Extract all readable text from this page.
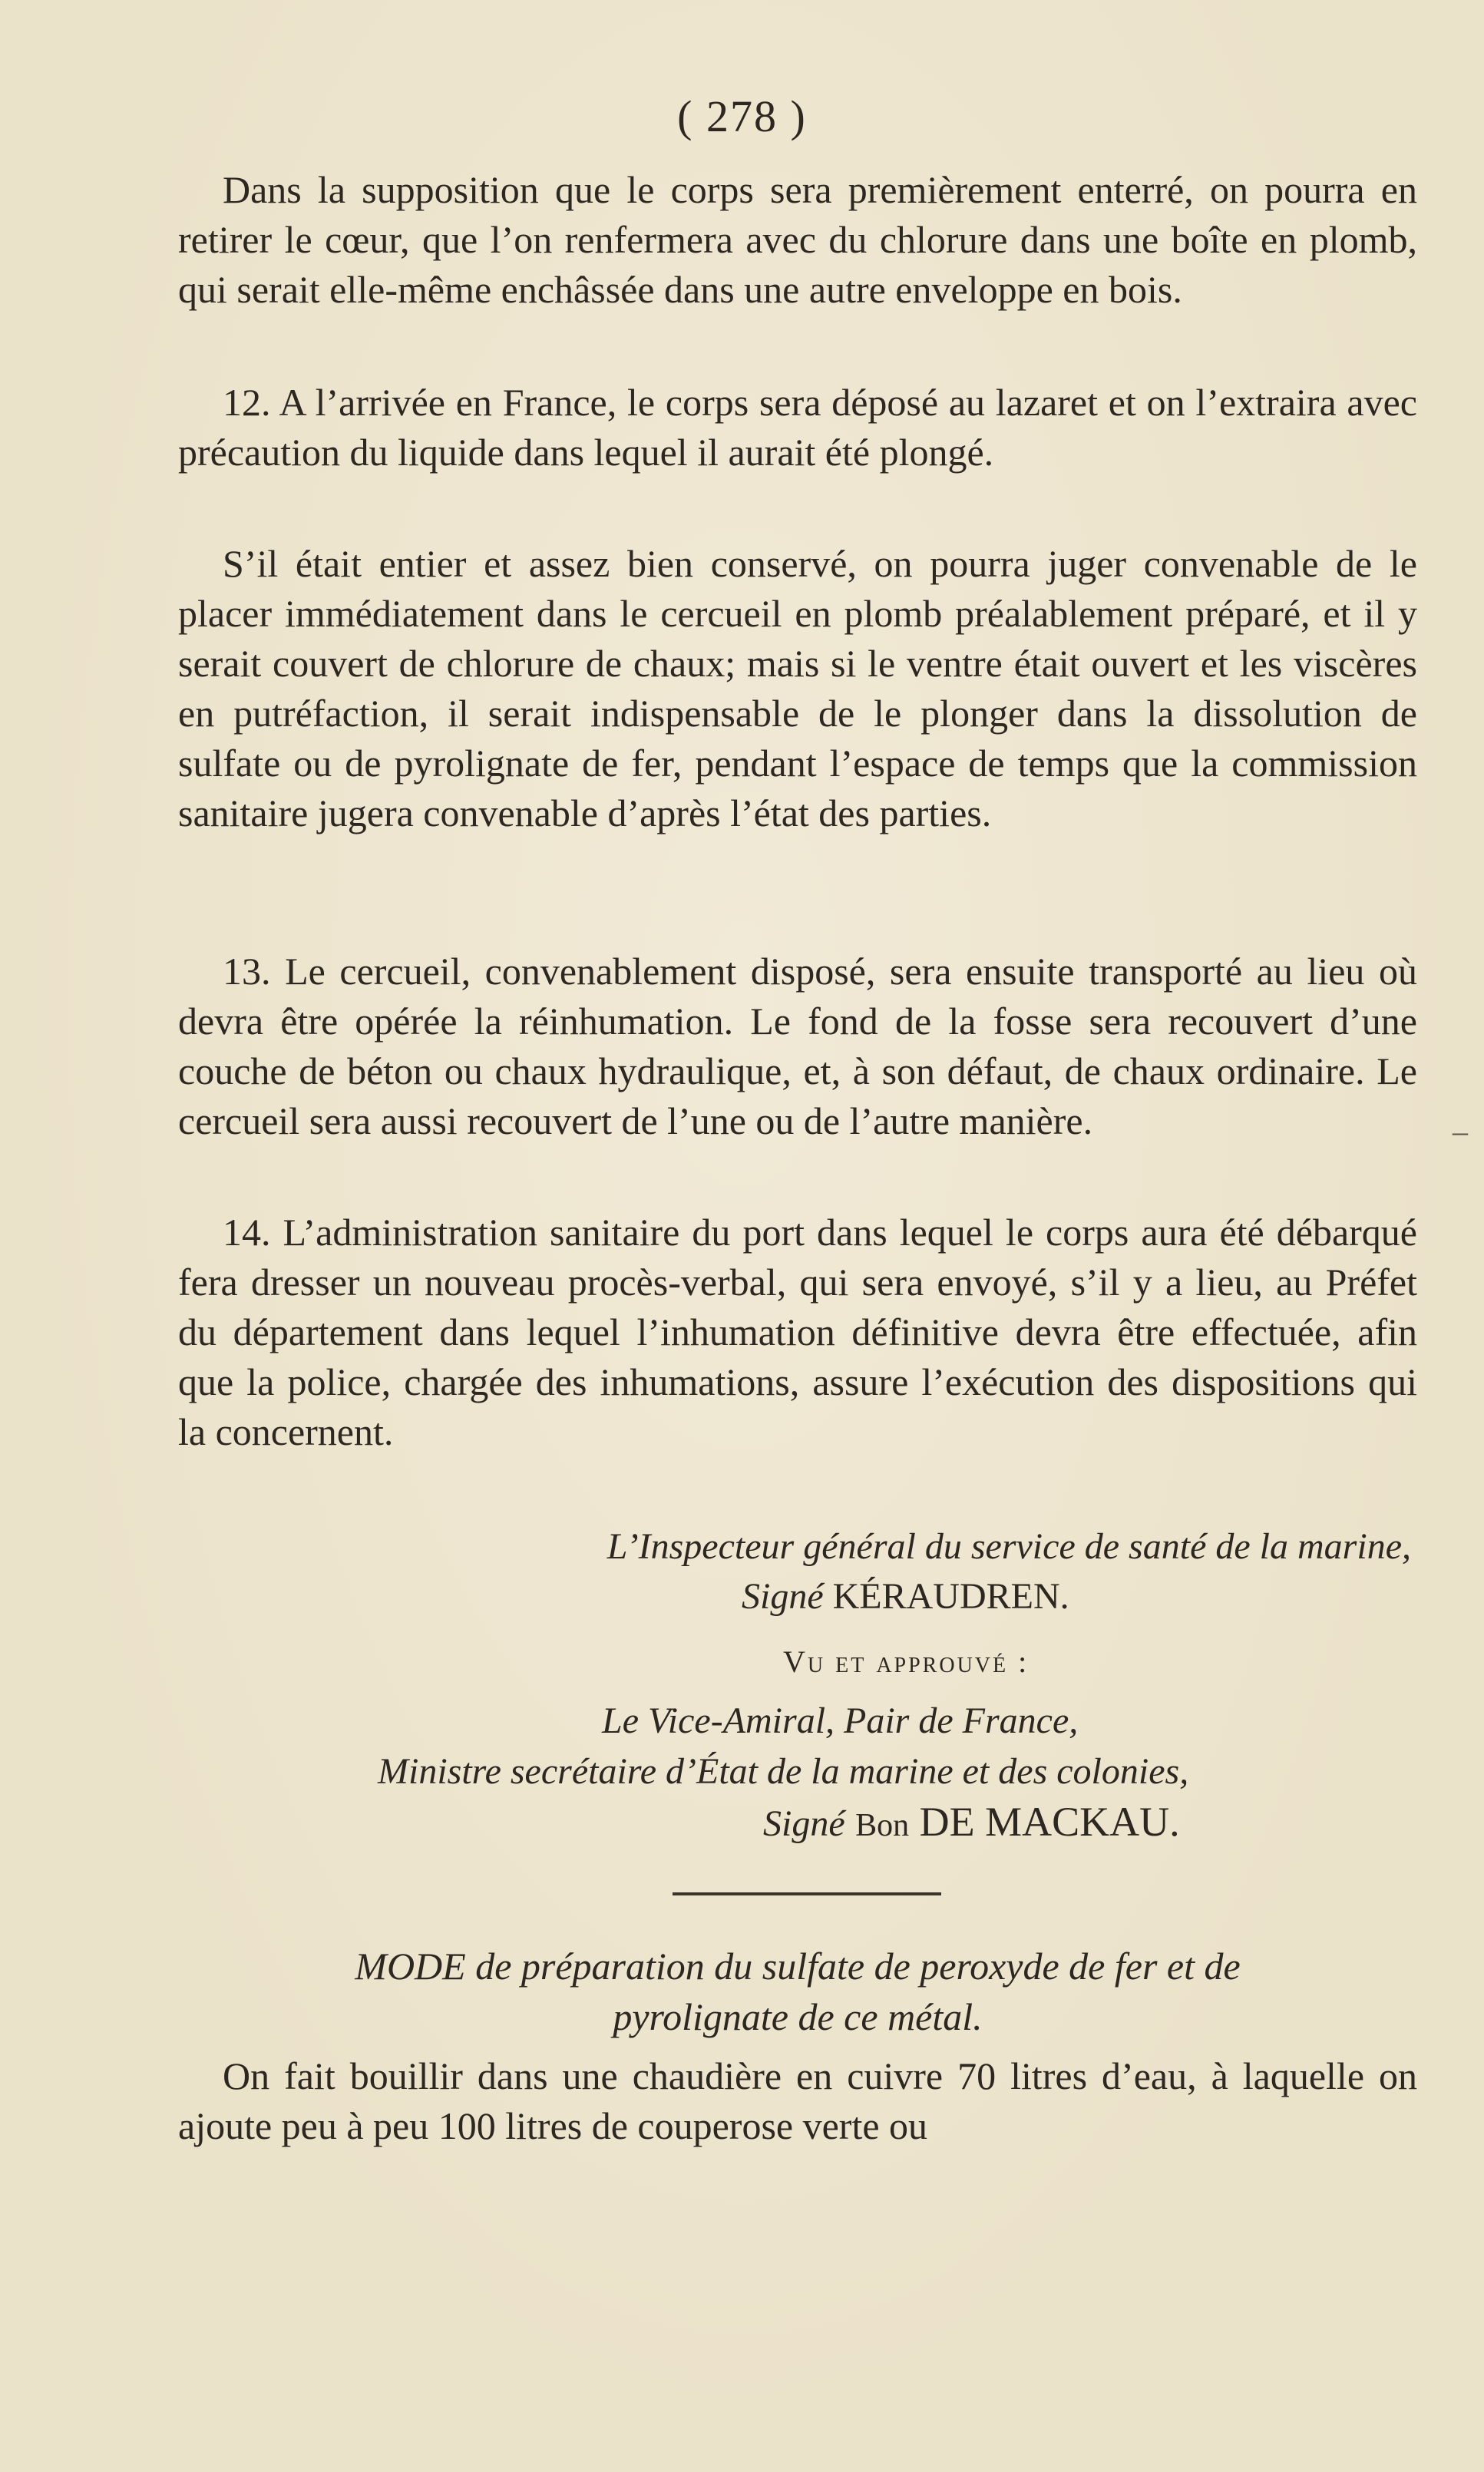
( 278 )

Dans la supposition que le corps sera premièrement enterré, on pourra en retirer le cœur, que l’on renfermera avec du chlorure dans une boîte en plomb, qui serait elle-même enchâssée dans une autre enveloppe en bois.

12. A l’arrivée en France, le corps sera déposé au lazaret et on l’extraira avec précaution du liquide dans lequel il aurait été plongé.

S’il était entier et assez bien conservé, on pourra juger convenable de le placer immédiatement dans le cercueil en plomb préalablement préparé, et il y serait couvert de chlorure de chaux; mais si le ventre était ouvert et les viscères en putréfaction, il serait indispensable de le plonger dans la dissolution de sulfate ou de pyrolignate de fer, pendant l’espace de temps que la commission sanitaire jugera convenable d’après l’état des parties.

13. Le cercueil, convenablement disposé, sera ensuite transporté au lieu où devra être opérée la réinhumation. Le fond de la fosse sera recouvert d’une couche de béton ou chaux hydraulique, et, à son défaut, de chaux ordinaire. Le cercueil sera aussi recouvert de l’une ou de l’autre manière.

14. L’administration sanitaire du port dans lequel le corps aura été débarqué fera dresser un nouveau procès-verbal, qui sera envoyé, s’il y a lieu, au Préfet du département dans lequel l’inhumation définitive devra être effectuée, afin que la police, chargée des inhumations, assure l’exécution des dispositions qui la concernent.

L’Inspecteur général du service de santé de la marine,
Signé KÉRAUDREN.
Vu et approuvé :
Le Vice-Amiral, Pair de France,
Ministre secrétaire d’État de la marine et des colonies,
Signé Bon DE MACKAU.
MODE de préparation du sulfate de peroxyde de fer et de
pyrolignate de ce métal.

On fait bouillir dans une chaudière en cuivre 70 litres d’eau, à laquelle on ajoute peu à peu 100 litres de couperose verte ou

–
